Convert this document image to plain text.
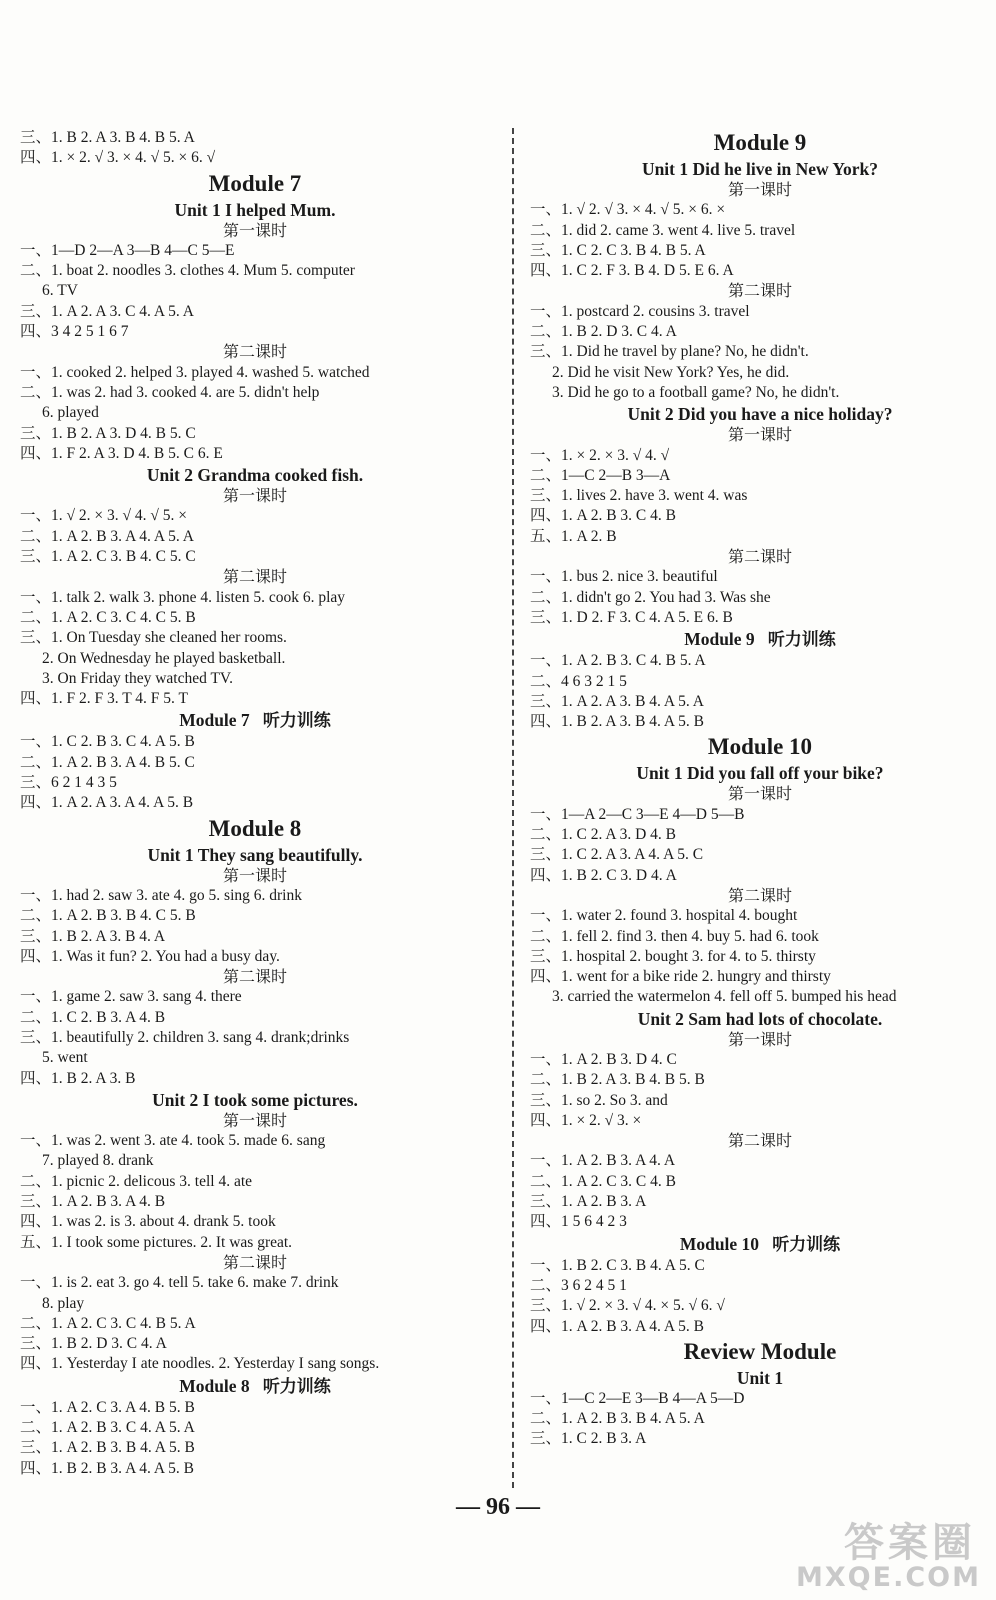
三、1. B 2. A 3. B 4. B 5. A
四、1. × 2. √ 3. × 4. √ 5. × 6. √
Module 7
Unit 1 I helped Mum.
第一课时
一、1—D 2—A 3—B 4—C 5—E
二、1. boat 2. noodles 3. clothes 4. Mum 5. computer
6. TV
三、1. A 2. A 3. C 4. A 5. A
四、3 4 2 5 1 6 7
第二课时
一、1. cooked 2. helped 3. played 4. washed 5. watched
二、1. was 2. had 3. cooked 4. are 5. didn't help
6. played
三、1. B 2. A 3. D 4. B 5. C
四、1. F 2. A 3. D 4. B 5. C 6. E
Unit 2 Grandma cooked fish.
第一课时
一、1. √ 2. × 3. √ 4. √ 5. ×
二、1. A 2. B 3. A 4. A 5. A
三、1. A 2. C 3. B 4. C 5. C
第二课时
一、1. talk 2. walk 3. phone 4. listen 5. cook 6. play
二、1. A 2. C 3. C 4. C 5. B
三、1. On Tuesday she cleaned her rooms.
2. On Wednesday he played basketball.
3. On Friday they watched TV.
四、1. F 2. F 3. T 4. F 5. T
Module 7 听力训练
一、1. C 2. B 3. C 4. A 5. B
二、1. A 2. B 3. A 4. B 5. C
三、6 2 1 4 3 5
四、1. A 2. A 3. A 4. A 5. B
Module 8
Unit 1 They sang beautifully.
第一课时
一、1. had 2. saw 3. ate 4. go 5. sing 6. drink
二、1. A 2. B 3. B 4. C 5. B
三、1. B 2. A 3. B 4. A
四、1. Was it fun? 2. You had a busy day.
第二课时
一、1. game 2. saw 3. sang 4. there
二、1. C 2. B 3. A 4. B
三、1. beautifully 2. children 3. sang 4. drank;drinks
5. went
四、1. B 2. A 3. B
Unit 2 I took some pictures.
第一课时
一、1. was 2. went 3. ate 4. took 5. made 6. sang
7. played 8. drank
二、1. picnic 2. delicous 3. tell 4. ate
三、1. A 2. B 3. A 4. B
四、1. was 2. is 3. about 4. drank 5. took
五、1. I took some pictures. 2. It was great.
第二课时
一、1. is 2. eat 3. go 4. tell 5. take 6. make 7. drink
8. play
二、1. A 2. C 3. C 4. B 5. A
三、1. B 2. D 3. C 4. A
四、1. Yesterday I ate noodles. 2. Yesterday I sang songs.
Module 8 听力训练
一、1. A 2. C 3. A 4. B 5. B
二、1. A 2. B 3. C 4. A 5. A
三、1. A 2. B 3. B 4. A 5. B
四、1. B 2. B 3. A 4. A 5. B
Module 9
Unit 1 Did he live in New York?
第一课时
一、1. √ 2. √ 3. × 4. √ 5. × 6. ×
二、1. did 2. came 3. went 4. live 5. travel
三、1. C 2. C 3. B 4. B 5. A
四、1. C 2. F 3. B 4. D 5. E 6. A
第二课时
一、1. postcard 2. cousins 3. travel
二、1. B 2. D 3. C 4. A
三、1. Did he travel by plane? No, he didn't.
2. Did he visit New York? Yes, he did.
3. Did he go to a football game? No, he didn't.
Unit 2 Did you have a nice holiday?
第一课时
一、1. × 2. × 3. √ 4. √
二、1—C 2—B 3—A
三、1. lives 2. have 3. went 4. was
四、1. A 2. B 3. C 4. B
五、1. A 2. B
第二课时
一、1. bus 2. nice 3. beautiful
二、1. didn't go 2. You had 3. Was she
三、1. D 2. F 3. C 4. A 5. E 6. B
Module 9 听力训练
一、1. A 2. B 3. C 4. B 5. A
二、4 6 3 2 1 5
三、1. A 2. A 3. B 4. A 5. A
四、1. B 2. A 3. B 4. A 5. B
Module 10
Unit 1 Did you fall off your bike?
第一课时
一、1—A 2—C 3—E 4—D 5—B
二、1. C 2. A 3. D 4. B
三、1. C 2. A 3. A 4. A 5. C
四、1. B 2. C 3. D 4. A
第二课时
一、1. water 2. found 3. hospital 4. bought
二、1. fell 2. find 3. then 4. buy 5. had 6. took
三、1. hospital 2. bought 3. for 4. to 5. thirsty
四、1. went for a bike ride 2. hungry and thirsty
3. carried the watermelon 4. fell off 5. bumped his head
Unit 2 Sam had lots of chocolate.
第一课时
一、1. A 2. B 3. D 4. C
二、1. B 2. A 3. B 4. B 5. B
三、1. so 2. So 3. and
四、1. × 2. √ 3. ×
第二课时
一、1. A 2. B 3. A 4. A
二、1. A 2. C 3. C 4. B
三、1. A 2. B 3. A
四、1 5 6 4 2 3
Module 10 听力训练
一、1. B 2. C 3. B 4. A 5. C
二、3 6 2 4 5 1
三、1. √ 2. × 3. √ 4. × 5. √ 6. √
四、1. A 2. B 3. A 4. A 5. B
Review Module
Unit 1
一、1—C 2—E 3—B 4—A 5—D
二、1. A 2. B 3. B 4. A 5. A
三、1. C 2. B 3. A
— 96 —
答案圈
MXQE.COM
